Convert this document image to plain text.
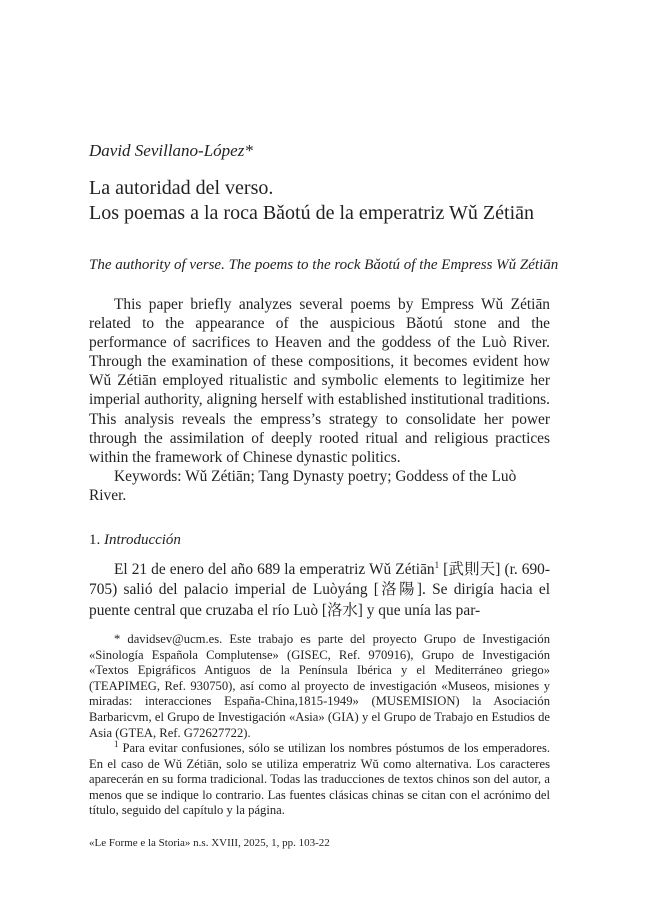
David Sevillano-López*
La autoridad del verso.
Los poemas a la roca Bǎotú de la emperatriz Wǔ Zétiān
The authority of verse. The poems to the rock Bǎotú of the Empress Wǔ Zétiān

This paper briefly analyzes several poems by Empress Wǔ Zétiān related to the appearance of the auspicious Bǎotú stone and the performance of sacrifices to Heaven and the goddess of the Luò River. Through the examination of these compositions, it becomes evident how Wǔ Zétiān employed ritualistic and symbolic elements to legitimize her imperial authority, aligning herself with established institutional traditions. This analysis reveals the empress’s strategy to consolidate her power through the assimilation of deeply rooted ritual and religious practices within the framework of Chinese dynastic politics.

Keywords: Wǔ Zétiān; Tang Dynasty poetry; Goddess of the Luò River.

1. Introducción

El 21 de enero del año 689 la emperatriz Wǔ Zétiān$^1$ [武則天] (r. 690-705) salió del palacio imperial de Luòyáng [洛陽]. Se dirigía hacia el puente central que cruzaba el río Luò [洛水] y que unía las par-

* davidsev@ucm.es. Este trabajo es parte del proyecto Grupo de Investigación «Sinología Española Complutense» (GISEC, Ref. 970916), Grupo de Investigación «Textos Epigráficos Antiguos de la Península Ibérica y el Mediterráneo griego» (TEAPIMEG, Ref. 930750), así como al proyecto de investigación «Museos, misiones y miradas: interacciones España-China,1815-1949» (MUSEMISION) la Asociación Barbaricvm, el Grupo de Investigación «Asia» (GIA) y el Grupo de Trabajo en Estudios de Asia (GTEA, Ref. G72627722).

$^1$ Para evitar confusiones, sólo se utilizan los nombres póstumos de los emperadores. En el caso de Wǔ Zétiān, solo se utiliza emperatriz Wǔ como alternativa. Los caracteres aparecerán en su forma tradicional. Todas las traducciones de textos chinos son del autor, a menos que se indique lo contrario. Las fuentes clásicas chinas se citan con el acrónimo del título, seguido del capítulo y la página.

«Le Forme e la Storia» n.s. XVIII, 2025, 1, pp. 103-22
